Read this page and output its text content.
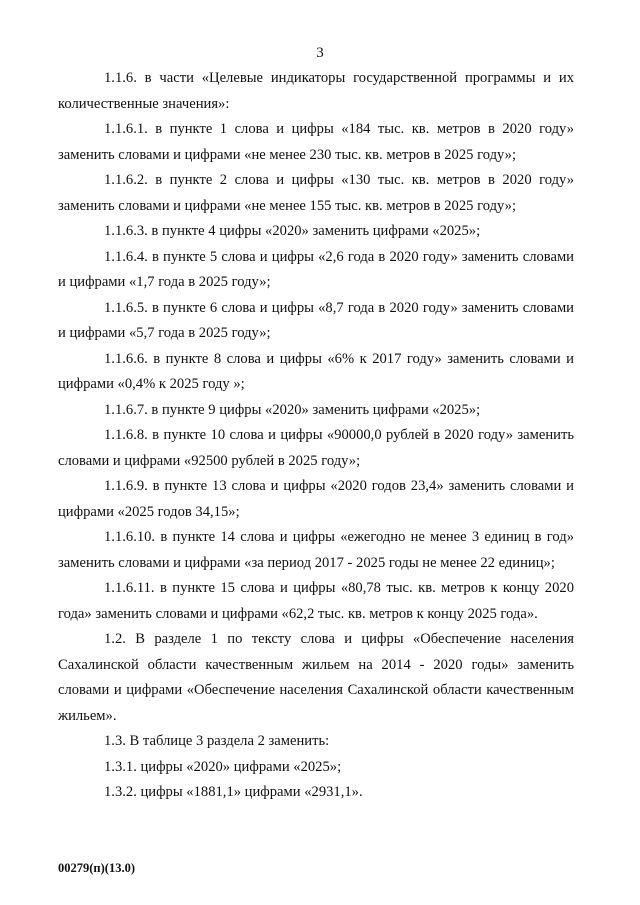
3

1.1.6. в части «Целевые индикаторы государственной программы и их количественные значения»:

1.1.6.1. в пункте 1 слова и цифры «184 тыс. кв. метров в 2020 году» заменить словами и цифрами «не менее 230 тыс. кв. метров в 2025 году»;

1.1.6.2. в пункте 2 слова и цифры «130 тыс. кв. метров в 2020 году» заменить словами и цифрами «не менее 155 тыс. кв. метров в 2025 году»;

1.1.6.3. в пункте 4 цифры «2020» заменить цифрами «2025»;

1.1.6.4. в пункте 5 слова и цифры «2,6 года в 2020 году» заменить словами и цифрами «1,7 года в 2025 году»;

1.1.6.5. в пункте 6 слова и цифры «8,7 года в 2020 году» заменить словами и цифрами «5,7 года в 2025 году»;

1.1.6.6. в пункте 8 слова и цифры «6% к 2017 году» заменить словами и цифрами «0,4% к 2025 году »;

1.1.6.7. в пункте 9 цифры «2020» заменить цифрами «2025»;

1.1.6.8. в пункте 10 слова и цифры «90000,0 рублей в 2020 году» заменить словами и цифрами «92500 рублей в 2025 году»;

1.1.6.9. в пункте 13 слова и цифры «2020 годов 23,4» заменить словами и цифрами «2025 годов 34,15»;

1.1.6.10. в пункте 14 слова и цифры «ежегодно не менее 3 единиц в год» заменить словами и цифрами «за период 2017 - 2025 годы не менее 22 единиц»;

1.1.6.11. в пункте 15 слова и цифры «80,78 тыс. кв. метров к концу 2020 года» заменить словами и цифрами «62,2 тыс. кв. метров к концу 2025 года».

1.2. В разделе 1 по тексту слова и цифры «Обеспечение населения Сахалинской области качественным жильем на 2014 - 2020 годы» заменить словами и цифрами «Обеспечение населения Сахалинской области качественным жильем».

1.3. В таблице 3 раздела 2 заменить:

1.3.1. цифры «2020» цифрами «2025»;

1.3.2. цифры «1881,1» цифрами «2931,1».

00279(п)(13.0)
